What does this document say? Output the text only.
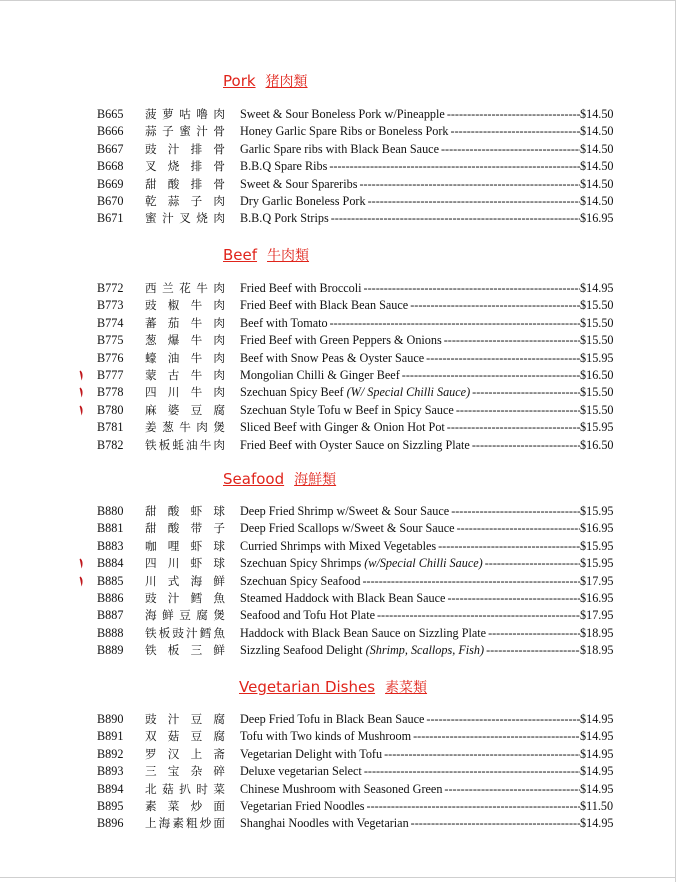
Pork 猪肉類
B665 菠萝咕噜肉 Sweet & Sour Boneless Pork w/Pineapple -----	$14.50
B666 蒜子蜜汁骨 Honey Garlic Spare Ribs or Boneless Pork -----	$14.50
B667 豉汁排骨 Garlic Spare ribs with Black Bean Sauce -----	$14.50
B668 叉烧排骨 B.B.Q Spare Ribs -----	$14.50
B669 甜酸排骨 Sweet & Sour Spareribs -----	$14.50
B670 乾蒜子肉 Dry Garlic Boneless Pork -----	$14.50
B671 蜜汁叉烧肉 B.B.Q Pork Strips -----	$16.95
Beef 牛肉類
B772 西兰花牛肉 Fried Beef with Broccoli -----	$14.95
B773 豉椒牛肉 Fried Beef with Black Bean Sauce -----	$15.50
B774 蕃茄牛肉 Beef with Tomato -----	$15.50
B775 葱爆牛肉 Fried Beef with Green Peppers & Onions -----	$15.50
B776 蠔油牛肉 Beef with Snow Peas & Oyster Sauce -----	$15.95
B777 蒙古牛肉 Mongolian Chilli & Ginger Beef -----	$16.50
B778 四川牛肉 Szechuan Spicy Beef (W/ Special Chilli Sauce) -----	$15.50
B780 麻婆豆腐 Szechuan Style Tofu w Beef in Spicy Sauce -----	$15.50
B781 姜葱牛肉煲 Sliced Beef with Ginger & Onion Hot Pot -----	$15.95
B782 铁板蚝油牛肉 Fried Beef with Oyster Sauce on Sizzling Plate -----	$16.50
Seafood 海鮮類
B880 甜酸虾球 Deep Fried Shrimp w/Sweet & Sour Sauce -----	$15.95
B881 甜酸带子 Deep Fried Scallops w/Sweet & Sour Sauce -----	$16.95
B883 咖哩虾球 Curried Shrimps with Mixed Vegetables -----	$15.95
B884 四川虾球 Szechuan Spicy Shrimps (w/Special Chilli Sauce) -----	$15.95
B885 川式海鲜 Szechuan Spicy Seafood -----	$17.95
B886 豉汁鳕魚 Steamed Haddock with Black Bean Sauce -----	$16.95
B887 海鲜豆腐煲 Seafood and Tofu Hot Plate -----	$17.95
B888 铁板豉汁鳕魚 Haddock with Black Bean Sauce on Sizzling Plate -----	$18.95
B889 铁板三鲜 Sizzling Seafood Delight (Shrimp, Scallops, Fish) -----	$18.95
Vegetarian Dishes 素菜類
B890 豉汁豆腐 Deep Fried Tofu in Black Bean Sauce -----	$14.95
B891 双菇豆腐 Tofu with Two kinds of Mushroom -----	$14.95
B892 罗汉上斋 Vegetarian Delight with Tofu -----	$14.95
B893 三宝杂碎 Deluxe vegetarian Select -----	$14.95
B894 北菇扒时菜 Chinese Mushroom with Seasoned Green -----	$14.95
B895 素菜炒面 Vegetarian Fried Noodles -----	$11.50
B896 上海素粗炒面 Shanghai Noodles with Vegetarian -----	$14.95
